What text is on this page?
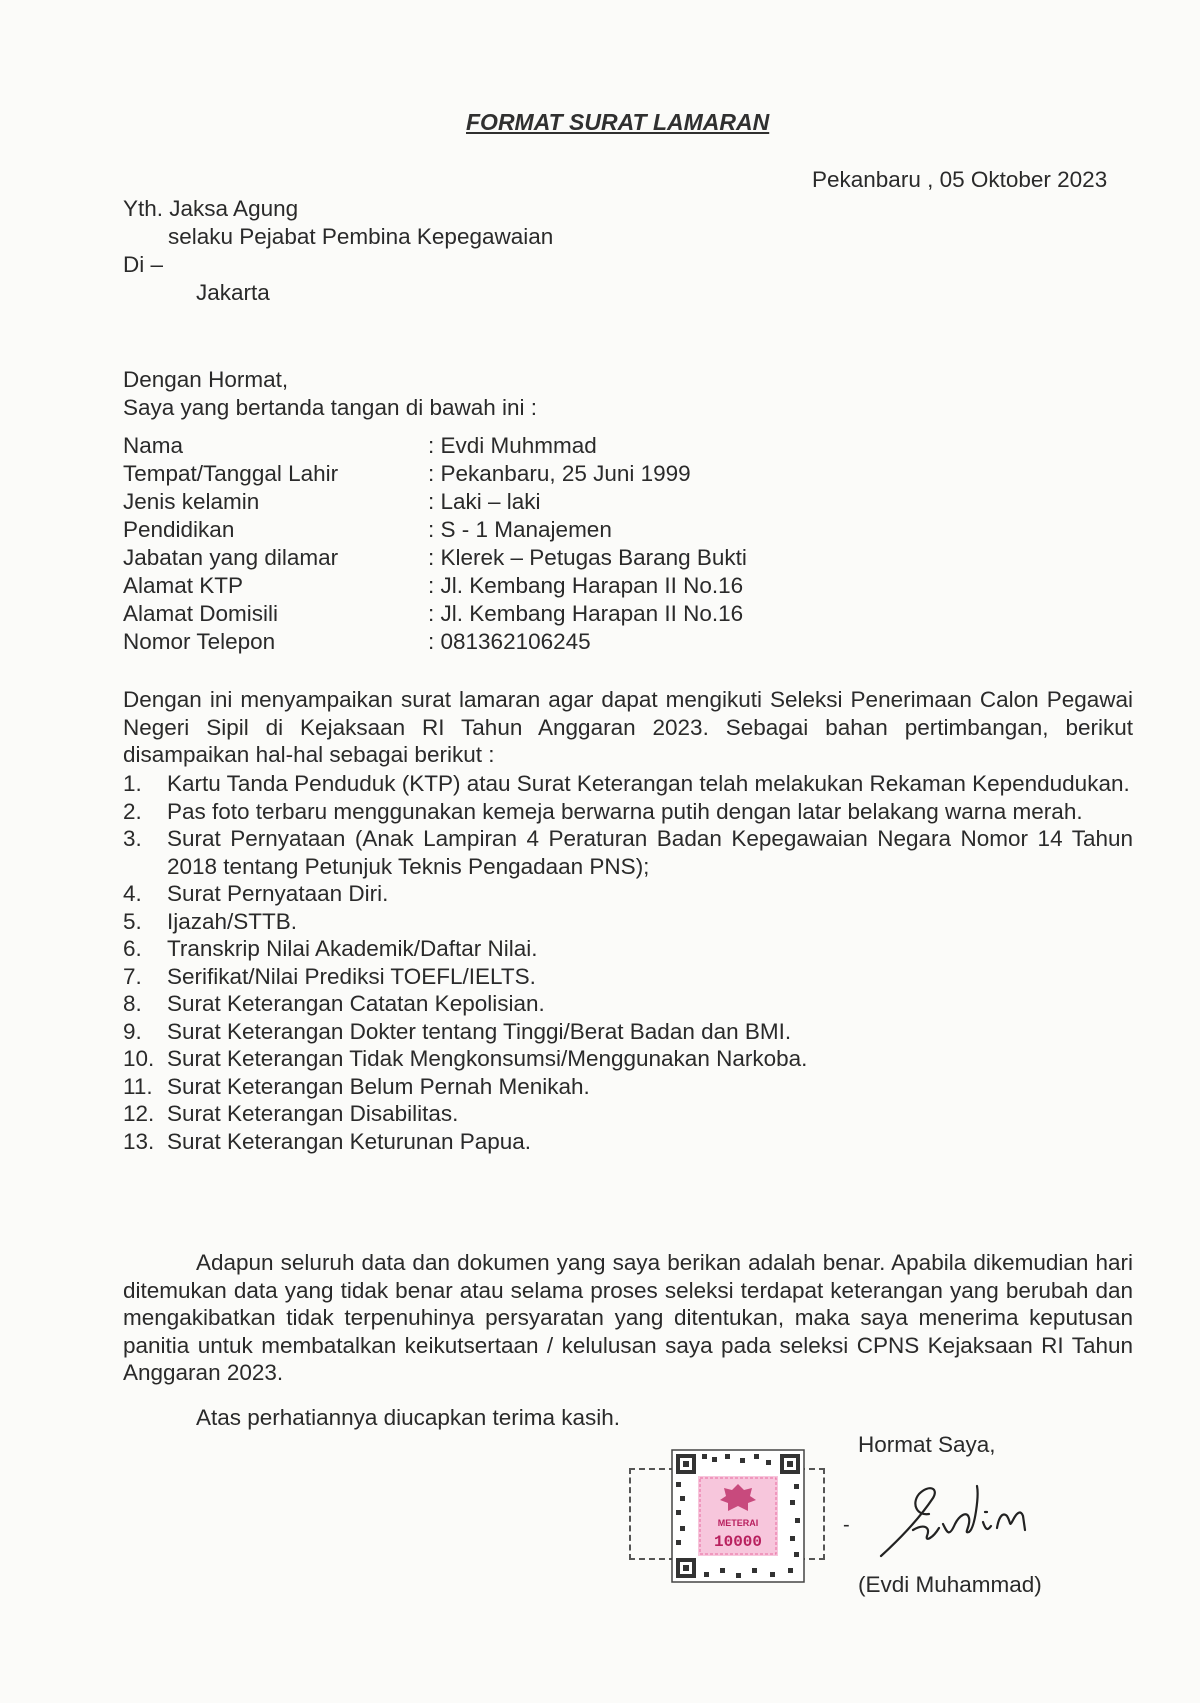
FORMAT SURAT LAMARAN
Pekanbaru , 05 Oktober 2023
Yth. Jaksa Agung
selaku Pejabat Pembina Kepegawaian
Di –
Jakarta
Dengan Hormat,
Saya yang bertanda tangan di bawah ini :
Nama	: Evdi Muhmmad
Tempat/Tanggal Lahir	: Pekanbaru, 25 Juni 1999
Jenis kelamin	: Laki – laki
Pendidikan	: S - 1 Manajemen
Jabatan yang dilamar	: Klerek – Petugas Barang Bukti
Alamat KTP	: Jl. Kembang Harapan II No.16
Alamat Domisili	: Jl. Kembang Harapan II No.16
Nomor Telepon	: 081362106245
Dengan ini menyampaikan surat lamaran agar dapat mengikuti Seleksi Penerimaan Calon Pegawai Negeri Sipil di Kejaksaan RI Tahun Anggaran 2023. Sebagai bahan pertimbangan, berikut disampaikan hal-hal sebagai berikut :
1. Kartu Tanda Penduduk (KTP) atau Surat Keterangan telah melakukan Rekaman Kependudukan.
2. Pas foto terbaru menggunakan kemeja berwarna putih dengan latar belakang warna merah.
3. Surat Pernyataan (Anak Lampiran 4 Peraturan Badan Kepegawaian Negara Nomor 14 Tahun 2018 tentang Petunjuk Teknis Pengadaan PNS);
4. Surat Pernyataan Diri.
5. Ijazah/STTB.
6. Transkrip Nilai Akademik/Daftar Nilai.
7. Serifikat/Nilai Prediksi TOEFL/IELTS.
8. Surat Keterangan Catatan Kepolisian.
9. Surat Keterangan Dokter tentang Tinggi/Berat Badan dan BMI.
10. Surat Keterangan Tidak Mengkonsumsi/Menggunakan Narkoba.
11. Surat Keterangan Belum Pernah Menikah.
12. Surat Keterangan Disabilitas.
13. Surat Keterangan Keturunan Papua.
Adapun seluruh data dan dokumen yang saya berikan adalah benar. Apabila dikemudian hari ditemukan data yang tidak benar atau selama proses seleksi terdapat keterangan yang berubah dan mengakibatkan tidak terpenuhinya persyaratan yang ditentukan, maka saya menerima keputusan panitia untuk membatalkan keikutsertaan / kelulusan saya pada seleksi CPNS Kejaksaan RI Tahun Anggaran 2023.
Atas perhatiannya diucapkan terima kasih.
Hormat Saya,
METERAI
10000
-
(Evdi Muhammad)
